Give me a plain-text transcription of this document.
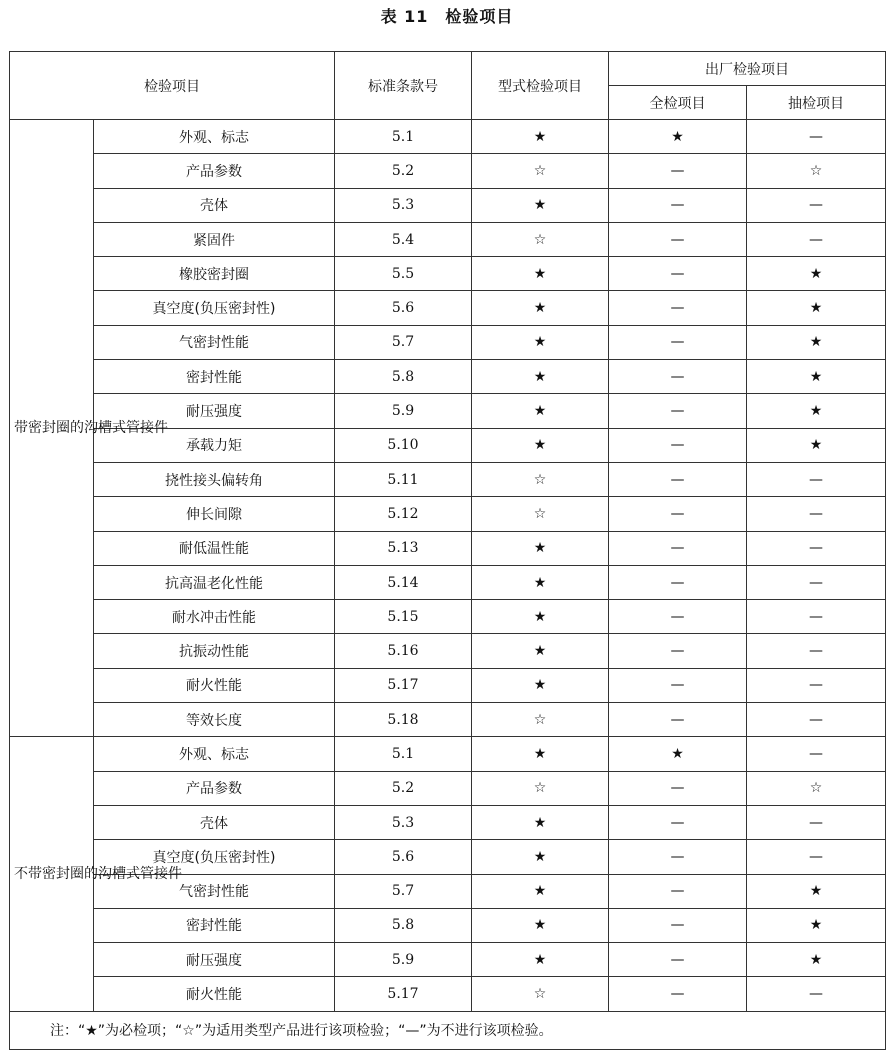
表 11　检验项目
检验项目		标准条款号	型式检验项目	出厂检验项目	
				全检项目	抽检项目

带密封圈的沟槽式管接件	外观、标志	5.1	★	★	—
	产品参数	5.2	☆	—	☆
	壳体	5.3	★	—	—
	紧固件	5.4	☆	—	—
	橡胶密封圈	5.5	★	—	★
	真空度(负压密封性)	5.6	★	—	★
	气密封性能	5.7	★	—	★
	密封性能	5.8	★	—	★
	耐压强度	5.9	★	—	★
	承载力矩	5.10	★	—	★
	挠性接头偏转角	5.11	☆	—	—
	伸长间隙	5.12	☆	—	—
	耐低温性能	5.13	★	—	—
	抗高温老化性能	5.14	★	—	—
	耐水冲击性能	5.15	★	—	—
	抗振动性能	5.16	★	—	—
	耐火性能	5.17	★	—	—
	等效长度	5.18	☆	—	—

不带密封圈的沟槽式管接件	外观、标志	5.1	★	★	—
	产品参数	5.2	☆	—	☆
	壳体	5.3	★	—	—
	真空度(负压密封性)	5.6	★	—	—
	气密封性能	5.7	★	—	★
	密封性能	5.8	★	—	★
	耐压强度	5.9	★	—	★
	耐火性能	5.17	☆	—	—
注：“★”为必检项；“☆”为适用类型产品进行该项检验；“—”为不进行该项检验。					
